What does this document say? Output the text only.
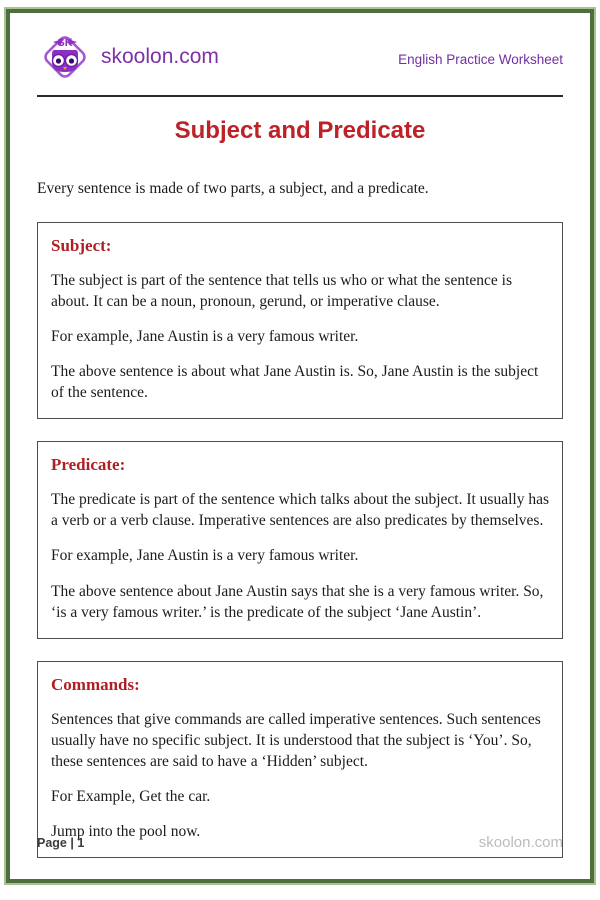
SK
skoolon.com	English Practice Worksheet
Subject and Predicate

Every sentence is made of two parts, a subject, and a predicate.

Subject:

The subject is part of the sentence that tells us who or what the sentence is about. It can be a noun, pronoun, gerund, or imperative clause.

For example, Jane Austin is a very famous writer.

The above sentence is about what Jane Austin is. So, Jane Austin is the subject of the sentence.

Predicate:

The predicate is part of the sentence which talks about the subject. It usually has a verb or a verb clause. Imperative sentences are also predicates by themselves.

For example, Jane Austin is a very famous writer.

The above sentence about Jane Austin says that she is a very famous writer. So, ‘is a very famous writer.’ is the predicate of the subject ‘Jane Austin’.

Commands:

Sentences that give commands are called imperative sentences. Such sentences usually have no specific subject. It is understood that the subject is ‘You’. So, these sentences are said to have a ‘Hidden’ subject.

For Example, Get the car.

Jump into the pool now.

Page | 1	skoolon.com
